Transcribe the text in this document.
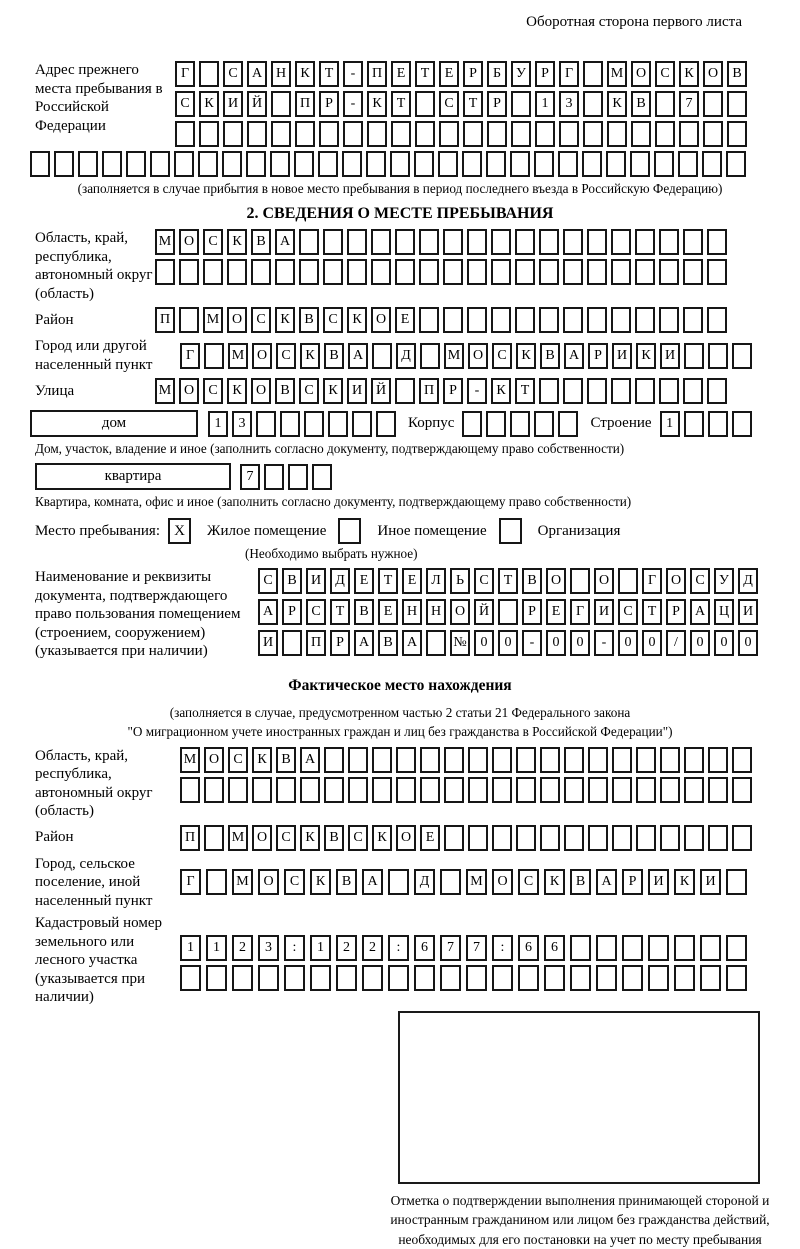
Оборотная сторона первого листа
Адрес прежнего места пребывания в Российской Федерации
Г	С	А Н	К	Т	-	П	Е	Т	Е	Р	Б	У	Р	Г	М О	С	К	О	В
С	К	И Й	П	Р	-	К	Т	С	Т	Р	1	3	К	В	7
(заполняется в случае прибытия в новое место пребывания в период последнего въезда в Российскую Федерацию)
2. СВЕДЕНИЯ О МЕСТЕ ПРЕБЫВАНИЯ
Область, край, республика, автономный округ (область)
М О	С	К	В	А
Район	П	М О	С	К	В	С	К	О	Е
Город или другой населенный пункт
Г	М О	С	К	В	А	Д	М О	С	К	В	А	Р	И	К	И
Улица	М О	С	К	О	В	С	К	И Й	П	Р	-	К	Т
дом	1	3	Корпус	Строение	1
Дом, участок, владение и иное (заполнить согласно документу, подтверждающему право собственности)
квартира	7
Квартира, комната, офис и иное (заполнить согласно документу, подтверждающему право собственности)
Место пребывания: X	Жилое помещение	Иное помещение	Организация
(Необходимо выбрать нужное)
Наименование и реквизиты документа, подтверждающего право пользования помещением (строением, сооружением) (указывается при наличии)
С	В	И	Д	Е	Т	Е	Л	Ь	С	Т	В	О	О	Г	О	С	У	Д
А	Р	С	Т	В	Е	Н Н О Й	Р	Е	Г	И	С	Т	Р	А Ц И
И	П	Р	А	В	А	№ 0	0	-	0	0	-	0	0	/	0	0	0
Фактическое место нахождения
(заполняется в случае, предусмотренном частью 2 статьи 21 Федерального закона
"О миграционном учете иностранных граждан и лиц без гражданства в Российской Федерации")
Область, край, республика, автономный округ (область)
М О	С	К	В	А
Район	П	М О	С	К	В	С	К	О	Е
Город, сельское поселение, иной населенный пункт
Г	М	О	С	К	В	А	Д	М	О	С	К	В	А	Р	И	К	И
Кадастровый номер земельного или лесного участка (указывается при наличии)
1	1	2	3	:	1	2	2	:	6	7	7	:	6	6
Отметка о подтверждении выполнения принимающей стороной и иностранным гражданином или лицом без гражданства действий, необходимых для его постановки на учет по месту пребывания
